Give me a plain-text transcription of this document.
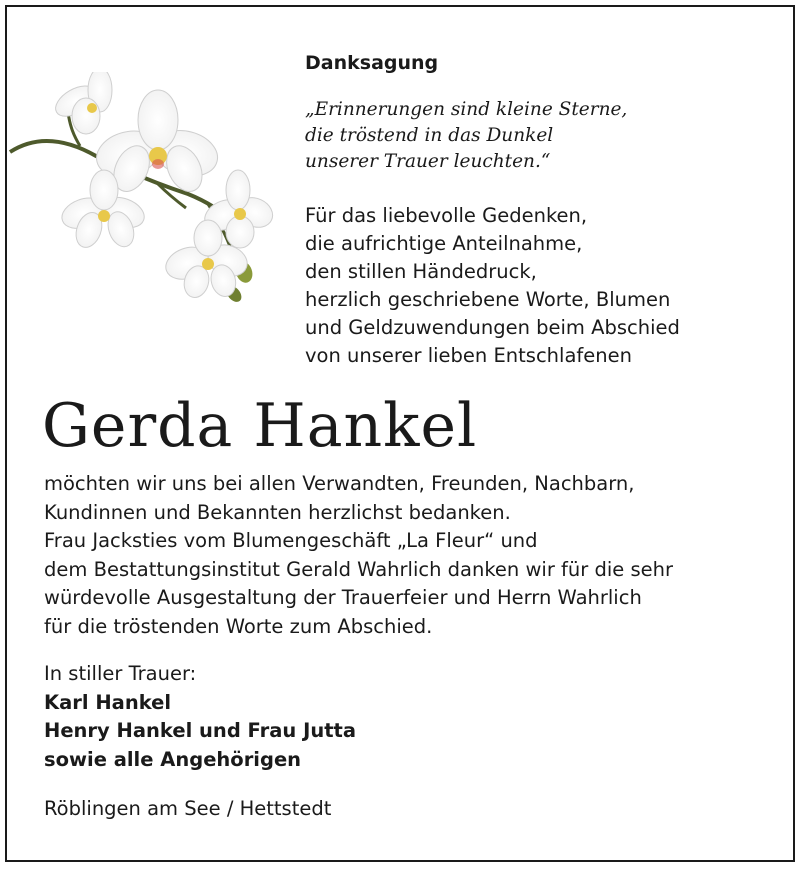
Danksagung
„Erinnerungen sind kleine Sterne,
die tröstend in das Dunkel
unserer Trauer leuchten.“
Für das liebevolle Gedenken,
die aufrichtige Anteilnahme,
den stillen Händedruck,
herzlich geschriebene Worte, Blumen
und Geldzuwendungen beim Abschied
von unserer lieben Entschlafenen
Gerda Hankel
möchten wir uns bei allen Verwandten, Freunden, Nachbarn,
Kundinnen und Bekannten herzlichst bedanken.
Frau Jacksties vom Blumengeschäft „La Fleur“ und
dem Bestattungsinstitut Gerald Wahrlich danken wir für die sehr
würdevolle Ausgestaltung der Trauerfeier und Herrn Wahrlich
für die tröstenden Worte zum Abschied.
In stiller Trauer:
Karl Hankel
Henry Hankel und Frau Jutta
sowie alle Angehörigen
Röblingen am See / Hettstedt
